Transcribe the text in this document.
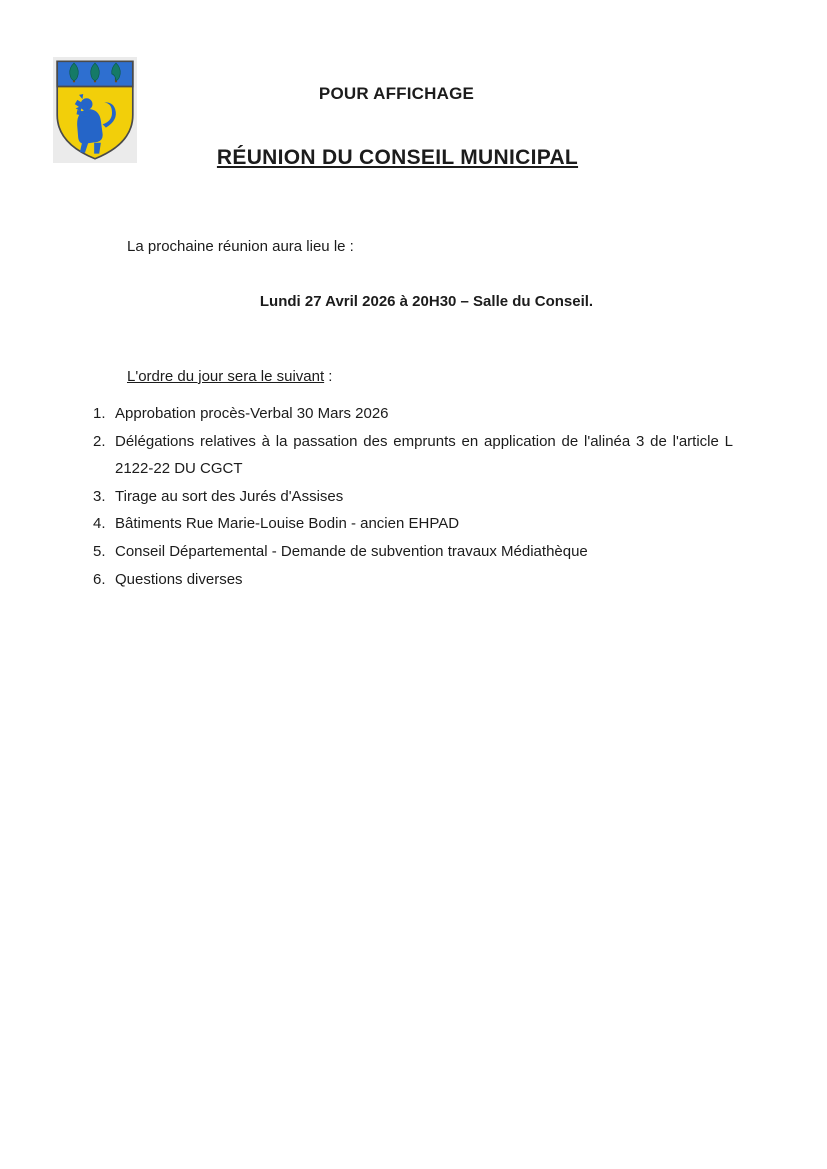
POUR AFFICHAGE
RÉUNION DU CONSEIL MUNICIPAL
La prochaine réunion aura lieu le :
Lundi 27 Avril 2026 à 20H30 – Salle du Conseil.
L'ordre du jour sera le suivant :
1. Approbation procès-Verbal 30 Mars 2026
2. Délégations relatives à la passation des emprunts en application de l'alinéa 3 de l'article L 2122-22 DU CGCT
3. Tirage au sort des Jurés d'Assises
4. Bâtiments Rue Marie-Louise Bodin - ancien EHPAD
5. Conseil Départemental - Demande de subvention travaux Médiathèque
6. Questions diverses
